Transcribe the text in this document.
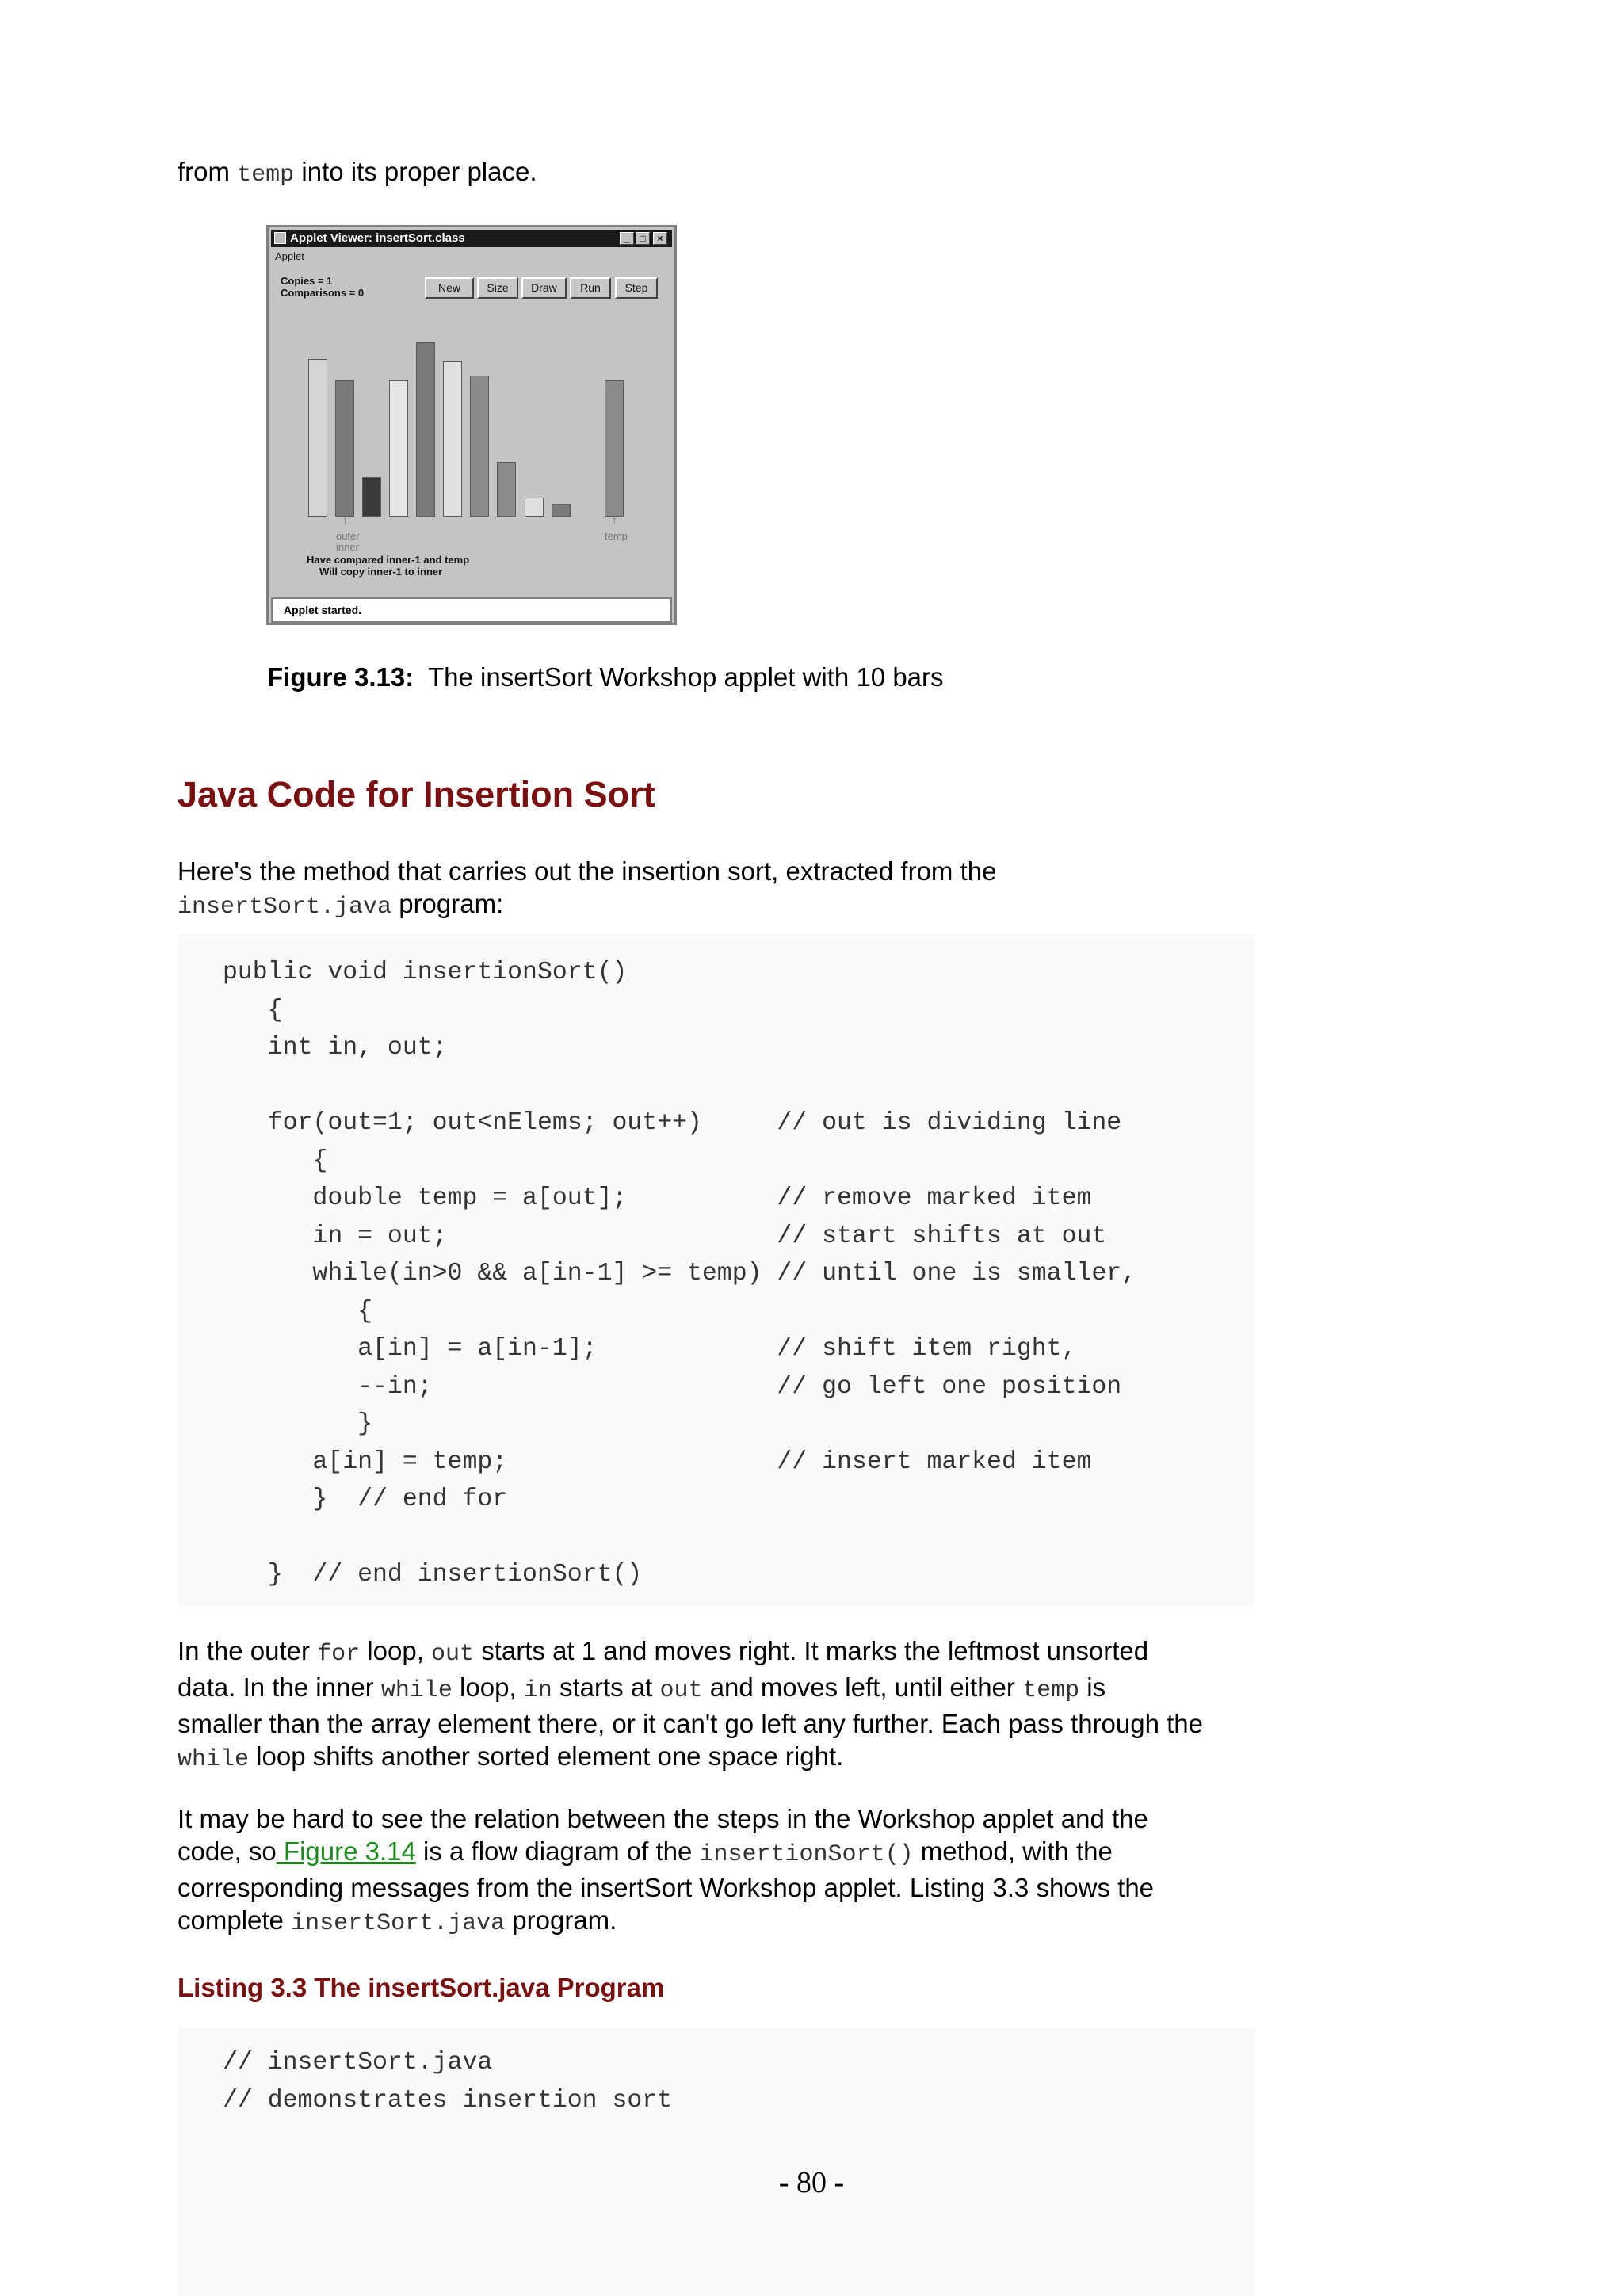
from temp into its proper place.

Applet Viewer: insertSort.class	_	□	×
Applet
Copies = 1
Comparisons = 0	New	Size	Draw	Run	Step
↑	↑
outer
inner
temp
Have compared inner-1 and temp
Will copy inner-1 to inner
Applet started.

Figure 3.13: The insertSort Workshop applet with 10 bars

Java Code for Insertion Sort
Here's the method that carries out the insertion sort, extracted from the
insertSort.java program:
public void insertionSort()
{
int in, out;

for(out=1; out<nElems; out++)     // out is dividing line
{
double temp = a[out];          // remove marked item
in = out;                      // start shifts at out
while(in>0 && a[in-1] >= temp) // until one is smaller,
{
a[in] = a[in-1];            // shift item right,
--in;                       // go left one position
}
a[in] = temp;                  // insert marked item
}  // end for

}  // end insertionSort()
In the outer for loop, out starts at 1 and moves right. It marks the leftmost unsorted
data. In the inner while loop, in starts at out and moves left, until either temp is
smaller than the array element there, or it can't go left any further. Each pass through the
while loop shifts another sorted element one space right.
It may be hard to see the relation between the steps in the Workshop applet and the
code, so Figure 3.14 is a flow diagram of the insertionSort() method, with the
corresponding messages from the insertSort Workshop applet. Listing 3.3 shows the
complete insertSort.java program.
Listing 3.3 The insertSort.java Program
// insertSort.java
// demonstrates insertion sort
- 80 -
